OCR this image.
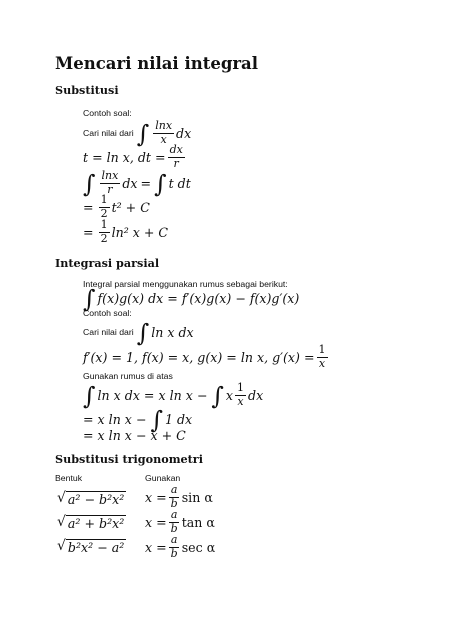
Mencari nilai integral
Substitusi
Contoh soal:
Cari nilai dari ∫ $\frac{\ln x}{x}$ dx
t = ln x, dt = $\frac{dx}{r}$
∫ $\frac{\ln x}{r}$ dx = ∫ t dt
= $\frac{1}{2} t^2 + C$
= $\frac{1}{2} \ln^2$ x + C
Integrasi parsial
Integral parsial menggunakan rumus sebagai berikut:
∫ f(x)g(x) dx = f′(x)g(x) − f(x)g′(x)
Contoh soal:
Cari nilai dari ∫ ln x dx
f′(x) = 1, f(x) = x, g(x) = ln x, $g'(x) = \frac{1}{x}$
Gunakan rumus di atas
∫ ln x dx = x ln x − ∫ x $\frac{1}{x}$ dx
= x ln x − ∫ 1 dx
= x ln x − x + C
Substitusi trigonometri
Bentuk	Gunakan
√ a² − b²x² $x = \frac{a}{b}$ sin α
√ a² + b²x² $x = \frac{a}{b}$ tan α
√ b²x² − a² $x = \frac{a}{b}$ sec α
